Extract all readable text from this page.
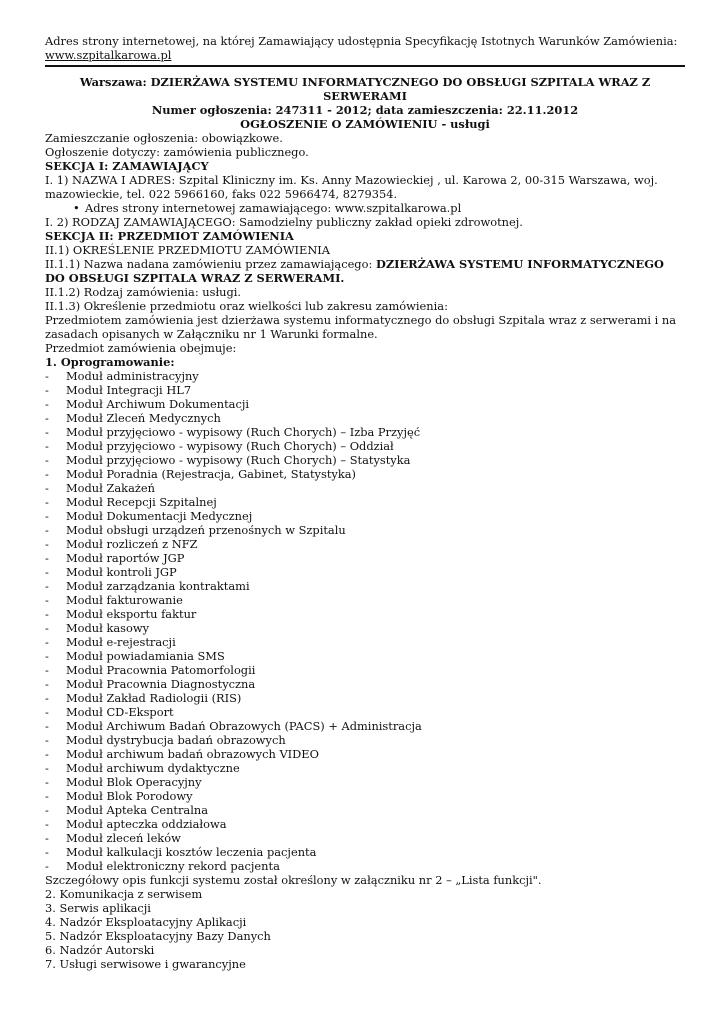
Adres strony internetowej, na której Zamawiający udostępnia Specyfikację Istotnych Warunków Zamówienia:

www.szpitalkarowa.pl

Warszawa: DZIERŻAWA SYSTEMU INFORMATYCZNEGO DO OBSŁUGI SZPITALA WRAZ Z SERWERAMI

Numer ogłoszenia: 247311 - 2012; data zamieszczenia: 22.11.2012

OGŁOSZENIE O ZAMÓWIENIU - usługi

Zamieszczanie ogłoszenia: obowiązkowe.

Ogłoszenie dotyczy: zamówienia publicznego.

SEKCJA I: ZAMAWIAJĄCY

I. 1) NAZWA I ADRES: Szpital Kliniczny im. Ks. Anny Mazowieckiej , ul. Karowa 2, 00-315 Warszawa, woj. mazowieckie, tel. 022 5966160, faks 022 5966474, 8279354.

• Adres strony internetowej zamawiającego: www.szpitalkarowa.pl

I. 2) RODZAJ ZAMAWIAJĄCEGO: Samodzielny publiczny zakład opieki zdrowotnej.

SEKCJA II: PRZEDMIOT ZAMÓWIENIA

II.1) OKREŚLENIE PRZEDMIOTU ZAMÓWIENIA

II.1.1) Nazwa nadana zamówieniu przez zamawiającego: DZIERŻAWA SYSTEMU INFORMATYCZNEGO DO OBSŁUGI SZPITALA WRAZ Z SERWERAMI.

II.1.2) Rodzaj zamówienia: usługi.

II.1.3) Określenie przedmiotu oraz wielkości lub zakresu zamówienia:

Przedmiotem zamówienia jest dzierżawa systemu informatycznego do obsługi Szpitala wraz z serwerami i na zasadach opisanych w Załączniku nr 1 Warunki formalne.

Przedmiot zamówienia obejmuje:

1. Oprogramowanie:

- Moduł administracyjny
- Moduł Integracji HL7
- Moduł Archiwum Dokumentacji
- Moduł Zleceń Medycznych
- Moduł przyjęciowo - wypisowy (Ruch Chorych) – Izba Przyjęć
- Moduł przyjęciowo - wypisowy (Ruch Chorych) – Oddział
- Moduł przyjęciowo - wypisowy (Ruch Chorych) – Statystyka
- Moduł Poradnia (Rejestracja, Gabinet, Statystyka)
- Moduł Zakażeń
- Moduł Recepcji Szpitalnej
- Moduł Dokumentacji Medycznej
- Moduł obsługi urządzeń przenośnych w Szpitalu
- Moduł rozliczeń z NFZ
- Moduł raportów JGP
- Moduł kontroli JGP
- Moduł zarządzania kontraktami
- Moduł fakturowanie
- Moduł eksportu faktur
- Moduł kasowy
- Moduł e-rejestracji
- Moduł powiadamiania SMS
- Moduł Pracownia Patomorfologii
- Moduł Pracownia Diagnostyczna
- Moduł Zakład Radiologii (RIS)
- Moduł CD-Eksport
- Moduł Archiwum Badań Obrazowych (PACS) + Administracja
- Moduł dystrybucja badań obrazowych
- Moduł archiwum badań obrazowych VIDEO
- Moduł archiwum dydaktyczne
- Moduł Blok Operacyjny
- Moduł Blok Porodowy
- Moduł Apteka Centralna
- Moduł apteczka oddziałowa
- Moduł zleceń leków
- Moduł kalkulacji kosztów leczenia pacjenta
- Moduł elektroniczny rekord pacjenta

Szczegółowy opis funkcji systemu został określony w załączniku nr 2 – „Lista funkcji".

2. Komunikacja z serwisem

3. Serwis aplikacji

4. Nadzór Eksploatacyjny Aplikacji

5. Nadzór Eksploatacyjny Bazy Danych

6. Nadzór Autorski

7. Usługi serwisowe i gwarancyjne
